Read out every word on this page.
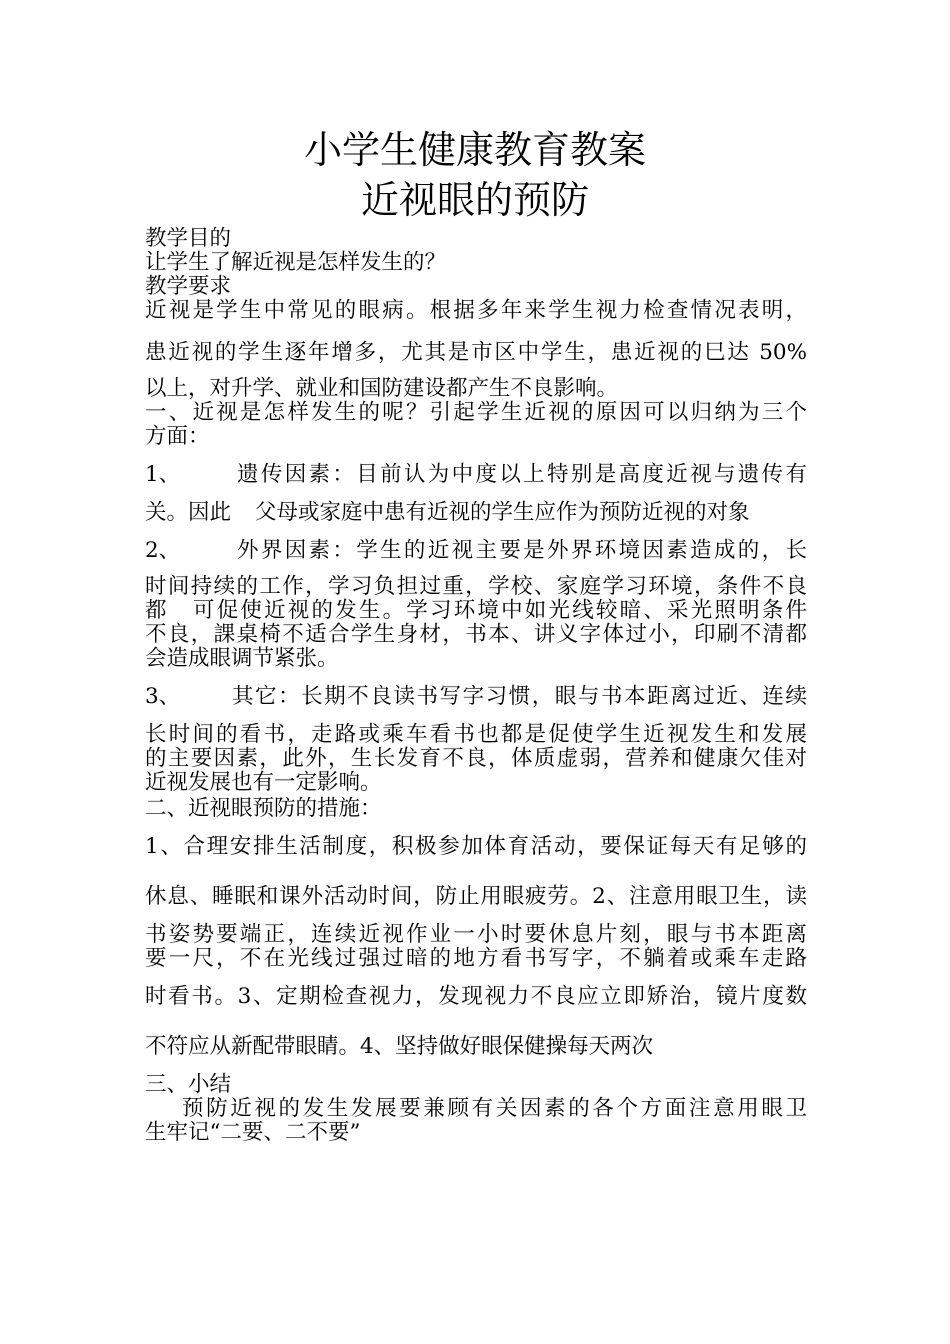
小学生健康教育教案
近视眼的预防
教学目的
让学生了解近视是怎样发生的？
教学要求
近视是学生中常见的眼病。根据多年来学生视力检查情况表明，
患近视的学生逐年增多，尤其是市区中学生，患近视的巳达 50%
以上，对升学、就业和国防建设都产生不良影响。
一、近视是怎样发生的呢？引起学生近视的原因可以归纳为三个
方面：
1、	遗传因素：目前认为中度以上特别是高度近视与遗传有
关。因此 父母或家庭中患有近视的学生应作为预防近视的对象
2、	外界因素：学生的近视主要是外界环境因素造成的，长
时间持续的工作，学习负担过重，学校、家庭学习环境，条件不良
都 可促使近视的发生。学习环境中如光线较暗、采光照明条件
不良，課桌椅不适合学生身材，书本、讲义字体过小，印刷不清都
会造成眼调节紧张。
3、 其它：长期不良读书写字习惯，眼与书本距离过近、连续
长时间的看书，走路或乘车看书也都是促使学生近视发生和发展
的主要因素，此外，生长发育不良，体质虚弱，营养和健康欠佳对
近视发展也有一定影响。
二、近视眼预防的措施：
1、合理安排生活制度，积极参加体育活动，要保证每天有足够的
休息、睡眠和课外活动时间，防止用眼疲劳。2、注意用眼卫生，读
书姿势要端正，连续近视作业一小时要休息片刻，眼与书本距离
要一尺，不在光线过强过暗的地方看书写字，不躺着或乘车走路
时看书。3、定期检查视力，发现视力不良应立即矫治，镜片度数
不符应从新配带眼睛。4、坚持做好眼保健操每天两次
三、小结
预防近视的发生发展要兼顾有关因素的各个方面注意用眼卫
生牢记“二要、二不要”
